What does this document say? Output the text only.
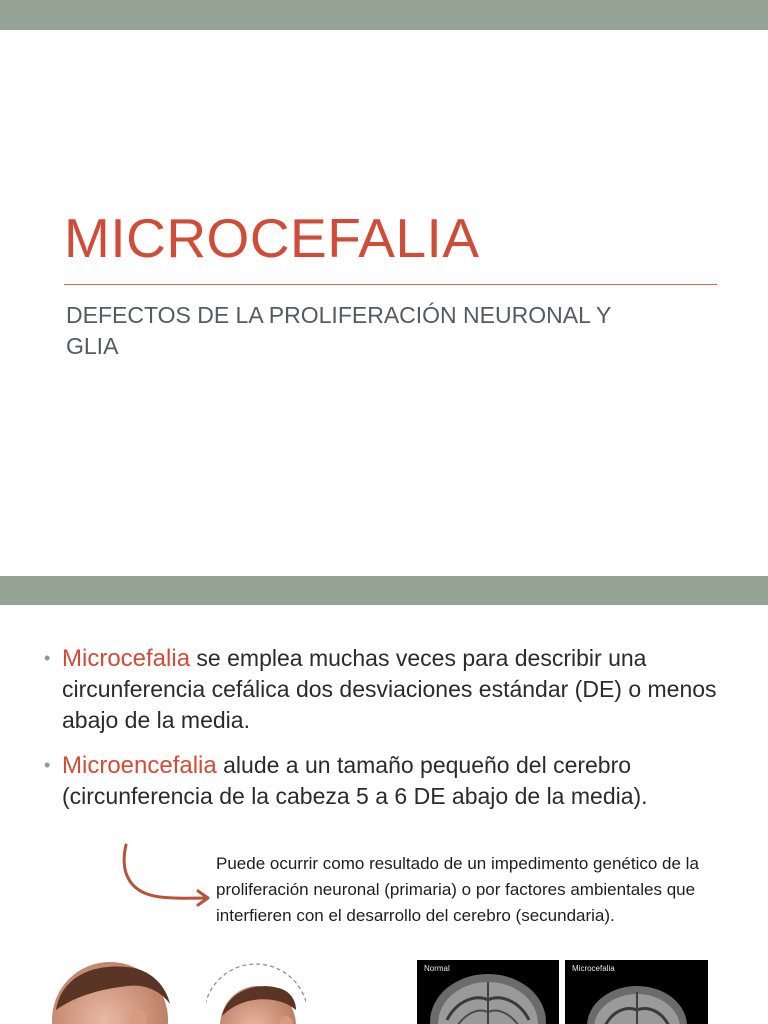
MICROCEFALIA

DEFECTOS DE LA PROLIFERACIÓN NEURONAL Y GLIA

• Microcefalia se emplea muchas veces para describir una circunferencia cefálica dos desviaciones estándar (DE) o menos abajo de la media.
• Microencefalia alude a un tamaño pequeño del cerebro (circunferencia de la cabeza 5 a 6 DE abajo de la media).

Puede ocurrir como resultado de un impedimento genético de la proliferación neuronal (primaria) o por factores ambientales que interfieren con el desarrollo del cerebro (secundaria).

Normal	Microcefalia
